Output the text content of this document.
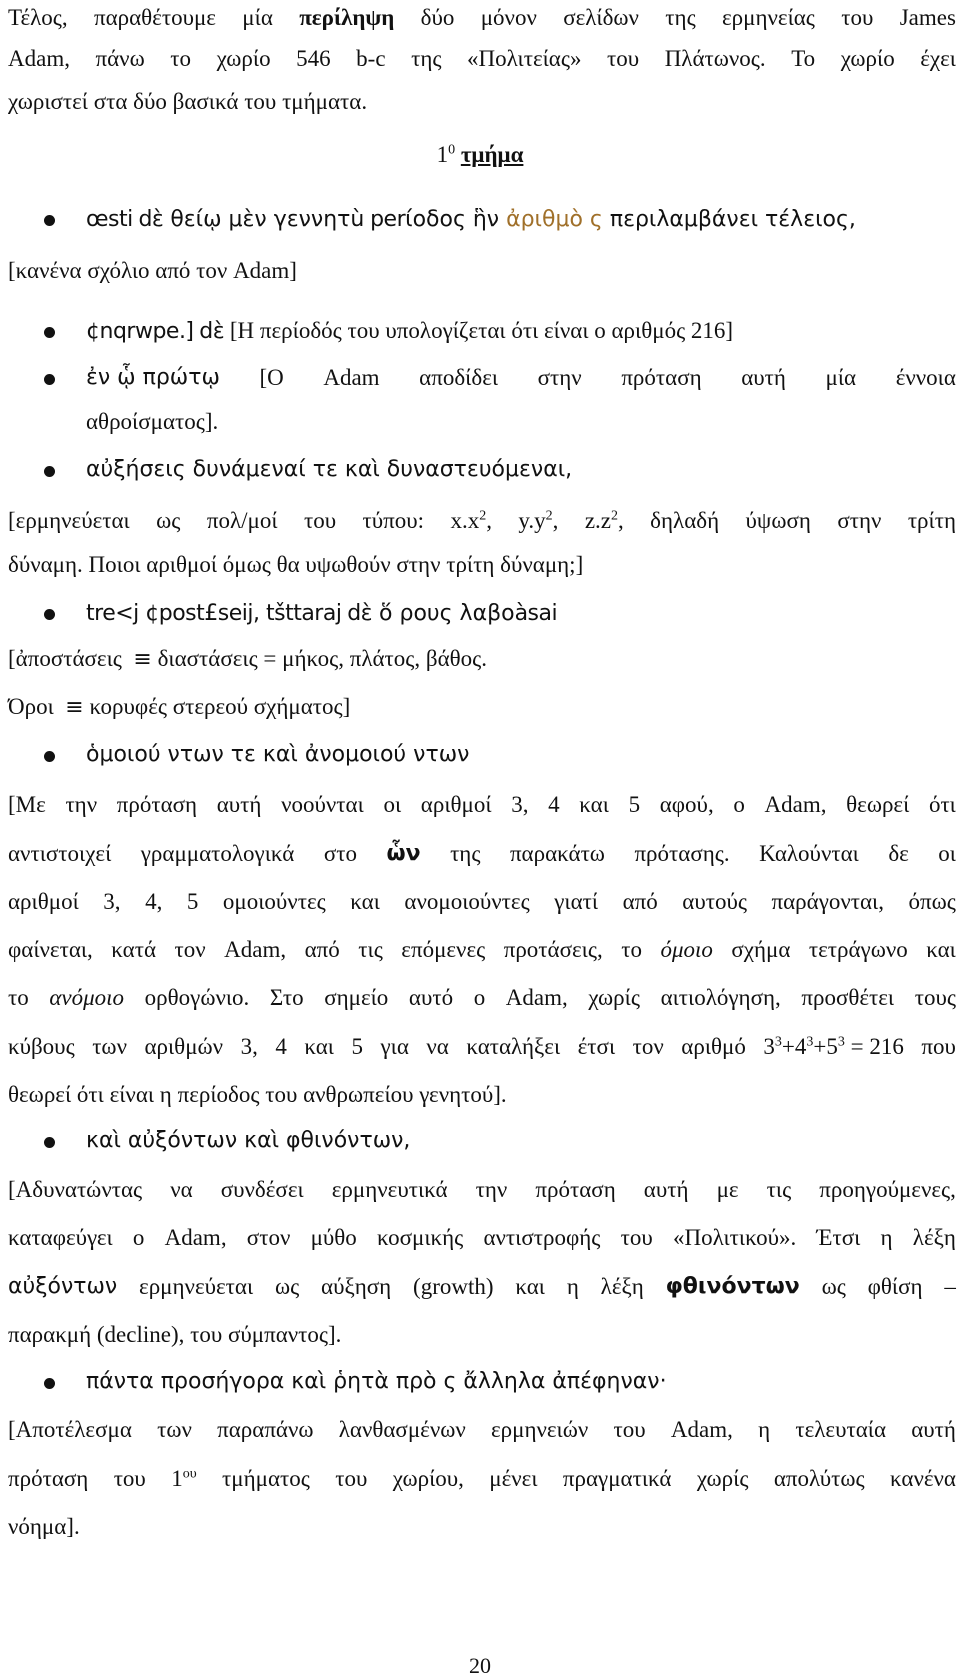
Τέλος, παραθέτουμε μία περίληψη δύο μόνον σελίδων της ερμηνείας του James
Adam, πάνω το χωρίο 546 b-c της «Πολιτείας» του Πλάτωνος. Το χωρίο έχει
χωριστεί στα δύο βασικά του τμήματα.
$1^0$ τμήμα
œsti dὲ θείῳ μὲν γεννητù perίοδος ἣν ἀριθμὸ ς περιλαμβάνει τέλειος,
[κανένα σχόλιο από τον Adam]
¢nqrwpe.] dὲ [Η περίοδός του υπολογίζεται ότι είναι ο αριθμός 216]
ἐν ᾧ πρώτῳ [Ο Adam αποδίδει στην πρόταση αυτή μία έννοια
αθροίσματος].
αὐξήσεις δυνάμεναί τε καὶ δυναστευόμεναι,
[ερμηνεύεται ως πολ/μοί του τύπου: $x.x^2$, $y.y^2$, $z.z^2$, δηλαδή ύψωση στην τρίτη
δύναμη. Ποιοι αριθμοί όμως θα υψωθούν στην τρίτη δύναμη;]
tre<j ¢post£seij, tšttaraj dὲ ὅ ρους λαβοàsai
[ἀποστάσεις ≡ διαστάσεις = μήκος, πλάτος, βάθος.
Όροι ≡ κορυφές στερεού σχήματος]
ὁμοιού ντων τε καὶ ἀνομοιού ντων
[Με την πρόταση αυτή νοούνται οι αριθμοί 3, 4 και 5 αφού, ο Adam, θεωρεί ότι
αντιστοιχεί γραμματολογικά στο ὧν της παρακάτω πρότασης. Καλούνται δε οι
αριθμοί 3, 4, 5 ομοιούντες και ανομοιούντες γιατί από αυτούς παράγονται, όπως
φαίνεται, κατά τον Adam, από τις επόμενες προτάσεις, το όμοιο σχήμα τετράγωνο και
το ανόμοιο ορθογώνιο. Στο σημείο αυτό ο Adam, χωρίς αιτιολόγηση, προσθέτει τους
κύβους των αριθμών 3, 4 και 5 για να καταλήξει έτσι τον αριθμό $3^3+4^3+5^3 = 216$ που
θεωρεί ότι είναι η περίοδος του ανθρωπείου γενητού].
καὶ αὐξόντων καὶ φθινόντων,
[Αδυνατώντας να συνδέσει ερμηνευτικά την πρόταση αυτή με τις προηγούμενες,
καταφεύγει ο Adam, στον μύθο κοσμικής αντιστροφής του «Πολιτικού». Έτσι η λέξη
αὐξόντων ερμηνεύεται ως αύξηση (growth) και η λέξη φθινόντων ως φθίση –
παρακμή (decline), του σύμπαντος].
πάντα προσήγορα καὶ ῥητὰ πρὸ ς ἄλληλα ἀπέφηναν·
[Αποτέλεσμα των παραπάνω λανθασμένων ερμηνειών του Adam, η τελευταία αυτή
πρόταση του $1^{o\upsilon}$ τμήματος του χωρίου, μένει πραγματικά χωρίς απολύτως κανένα
νόημα].
20
